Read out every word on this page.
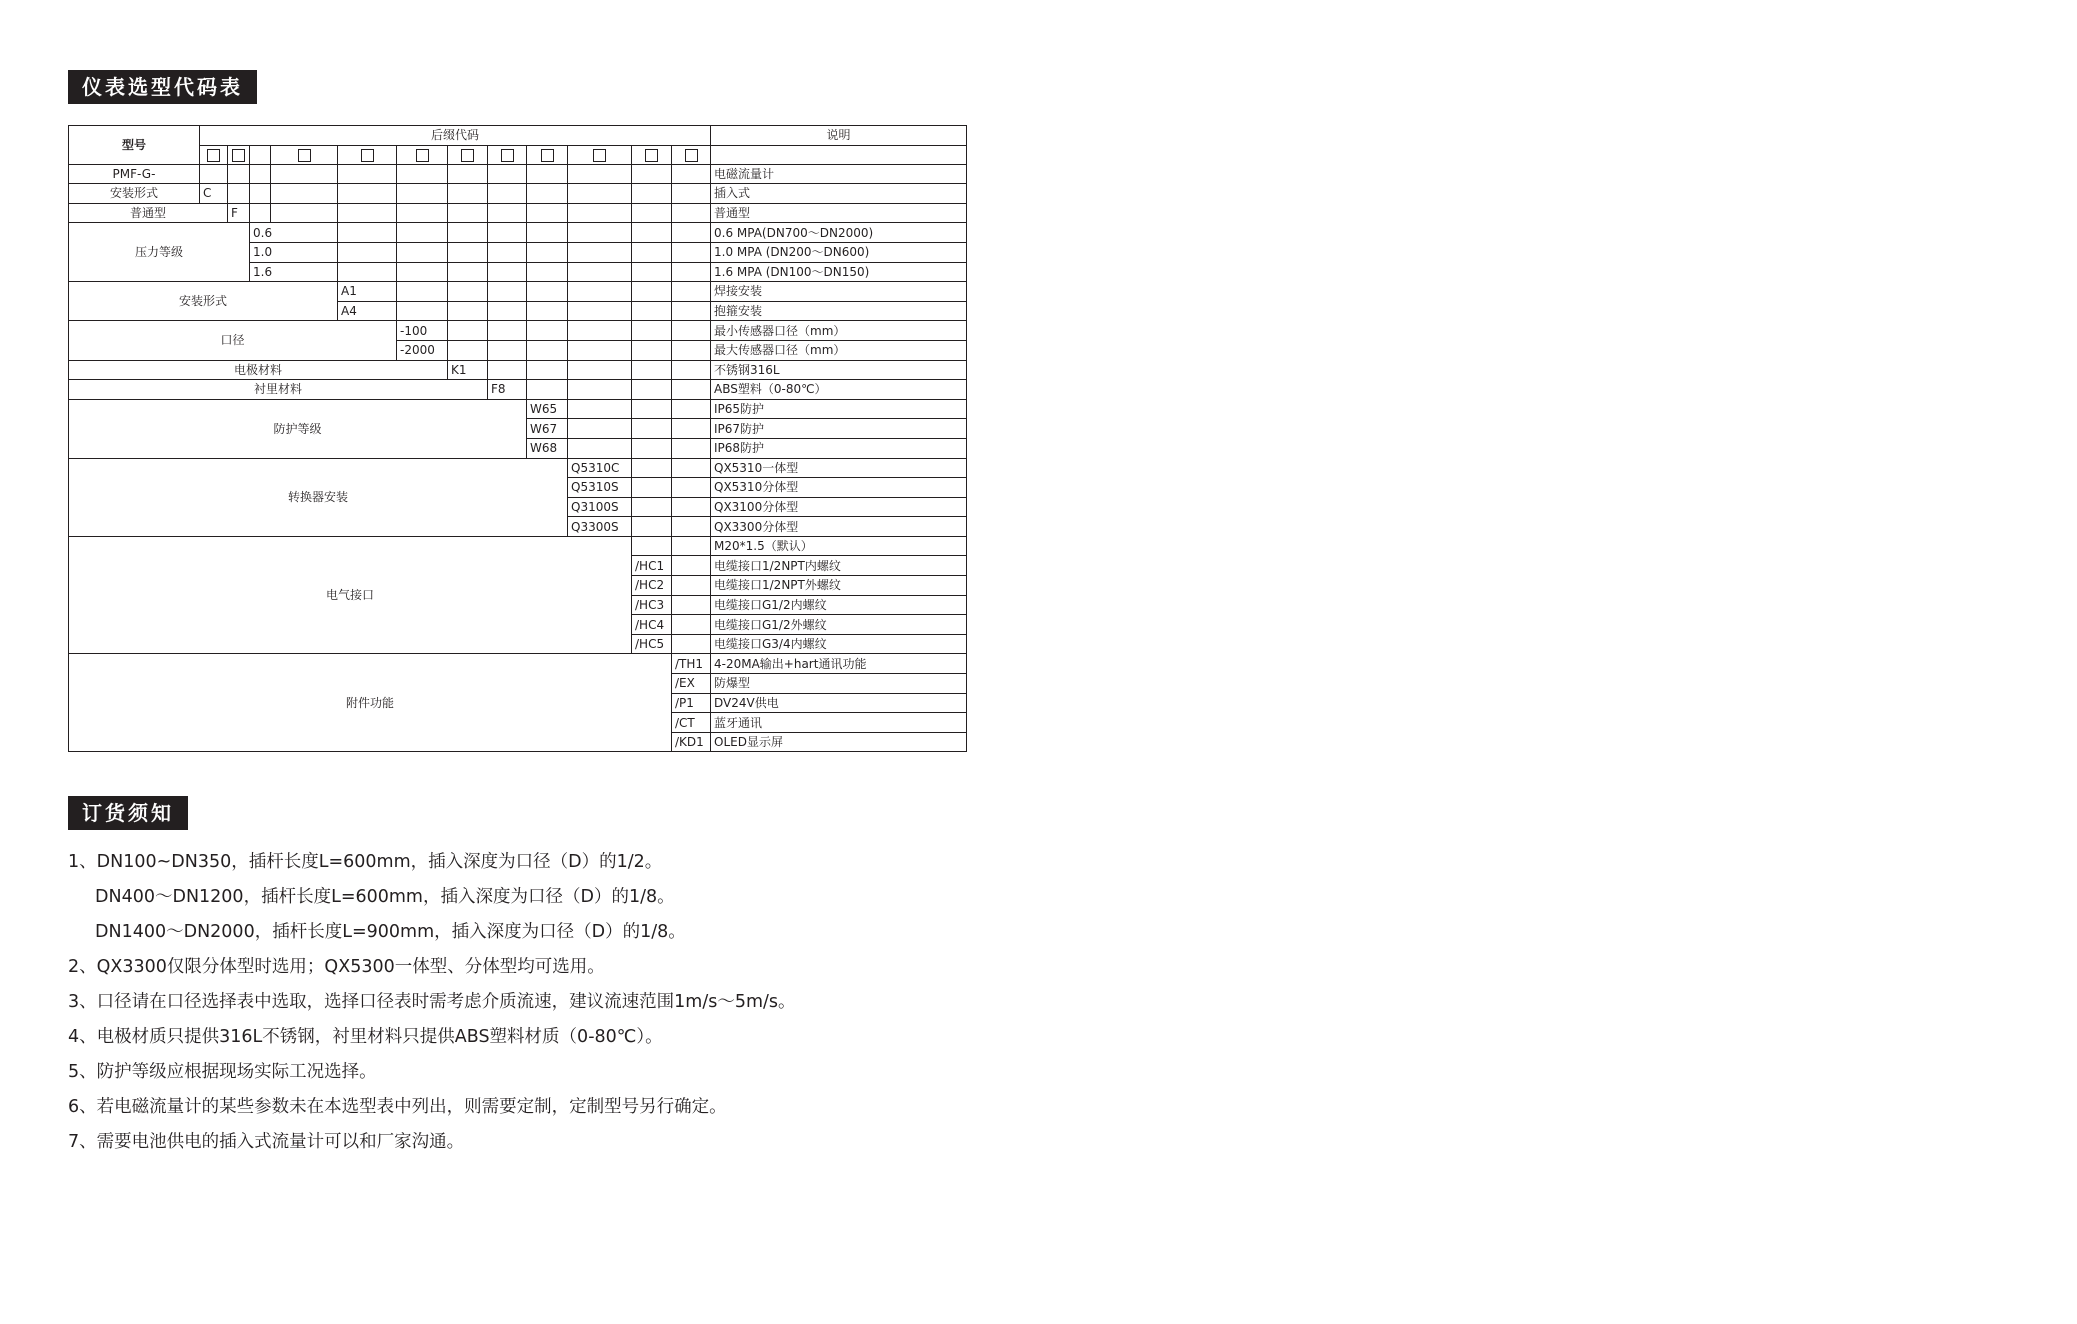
仪表选型代码表
型号	后缀代码												说明

PMF-G-													电磁流量计
安装形式	C												插入式
普通型		F											普通型
压力等级			0.6										0.6 MPA(DN700～DN2000)
			1.0										1.0 MPA (DN200～DN600)
			1.6										1.6 MPA (DN100～DN150)
安装形式					A1								焊接安装
					A4								抱箍安装
口径						-100							最小传感器口径（mm）
						-2000							最大传感器口径（mm）
电极材料							K1						不锈钢316L
衬里材料								F8					ABS塑料（0-80℃）
防护等级									W65				IP65防护
									W67				IP67防护
									W68				IP68防护
转换器安装										Q5310C			QX5310一体型
										Q5310S			QX5310分体型
										Q3100S			QX3100分体型
										Q3300S			QX3300分体型
电气接口													M20*1.5（默认）
											/HC1		电缆接口1/2NPT内螺纹
											/HC2		电缆接口1/2NPT外螺纹
											/HC3		电缆接口G1/2内螺纹
											/HC4		电缆接口G1/2外螺纹
											/HC5		电缆接口G3/4内螺纹
附件功能												/TH1	4-20MA输出+hart通讯功能
												/EX	防爆型
												/P1	DV24V供电
												/CT	蓝牙通讯
												/KD1	OLED显示屏
订货须知
1、DN100~DN350，插杆长度L=600mm，插入深度为口径（D）的1/2。
DN400～DN1200，插杆长度L=600mm，插入深度为口径（D）的1/8。
DN1400～DN2000，插杆长度L=900mm，插入深度为口径（D）的1/8。
2、QX3300仅限分体型时选用；QX5300一体型、分体型均可选用。
3、口径请在口径选择表中选取，选择口径表时需考虑介质流速，建议流速范围1m/s～5m/s。
4、电极材质只提供316L不锈钢，衬里材料只提供ABS塑料材质（0-80℃）。
5、防护等级应根据现场实际工况选择。
6、若电磁流量计的某些参数未在本选型表中列出，则需要定制，定制型号另行确定。
7、需要电池供电的插入式流量计可以和厂家沟通。
